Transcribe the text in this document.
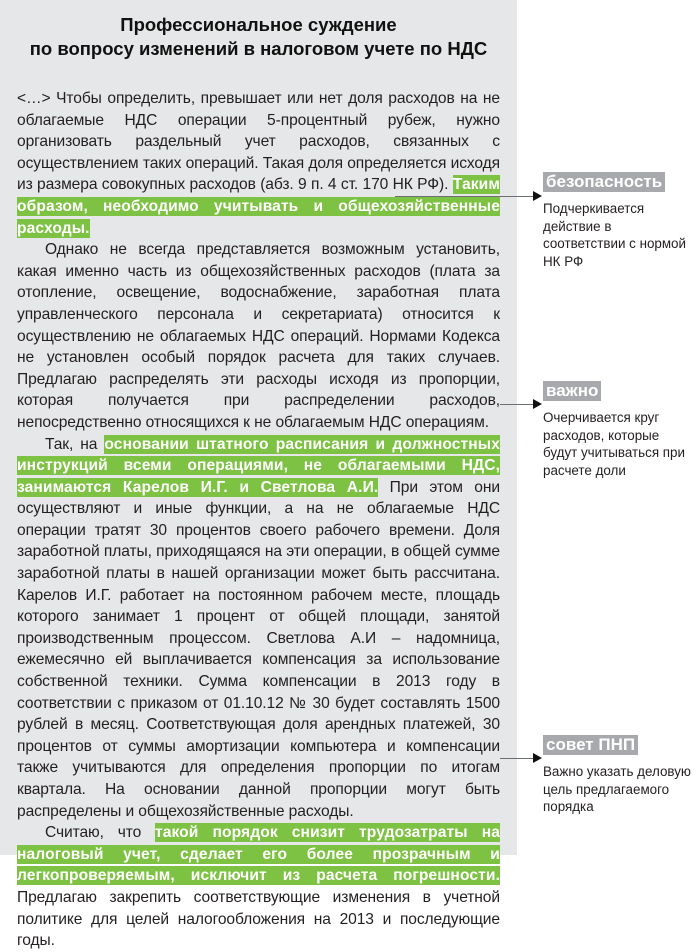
Профессиональное суждение
по вопросу изменений в налоговом учете по НДС

<…> Чтобы определить, превышает или нет доля расходов на не облагаемые НДС операции 5-процентный рубеж, нужно организовать раздельный учет расходов, связанных с осуществлением таких операций. Такая доля определяется исходя из размера совокупных расходов (абз. 9 п. 4 ст. 170 НК РФ). Таким образом, необходимо учитывать и общехозяйственные расходы.

Однако не всегда представляется возможным установить, какая именно часть из общехозяйственных расходов (плата за отопление, освещение, водоснабжение, заработная плата управленческого персонала и секретариата) относится к осуществлению не облагаемых НДС операций. Нормами Кодекса не установлен особый порядок расчета для таких случаев. Предлагаю распределять эти расходы исходя из пропорции, которая получается при распределении расходов, непосредственно относящихся к не облагаемым НДС операциям.

Так, на основании штатного расписания и должностных инструкций всеми операциями, не облагаемыми НДС, занимаются Карелов И.Г. и Светлова А.И. При этом они осуществляют и иные функции, а на не облагаемые НДС операции тратят 30 процентов своего рабочего времени. Доля заработной платы, приходящаяся на эти операции, в общей сумме заработной платы в нашей организации может быть рассчитана. Карелов И.Г. работает на постоянном рабочем месте, площадь которого занимает 1 процент от общей площади, занятой производственным процессом. Светлова А.И – надомница, ежемесячно ей выплачивается компенсация за использование собственной техники. Сумма компенсации в 2013 году в соответствии с приказом от 01.10.12 № 30 будет составлять 1500 рублей в месяц. Соответствующая доля арендных платежей, 30 процентов от суммы амортизации компьютера и компенсации также учитываются для определения пропорции по итогам квартала. На основании данной пропорции могут быть распределены и общехозяйственные расходы.

Считаю, что такой порядок снизит трудозатраты на налоговый учет, сделает его более прозрачным и легкопроверяемым, исключит из расчета погрешности. Предлагаю закрепить соответствующие изменения в учетной политике для целей налогообложения на 2013 и последующие годы.

безопасность
Подчеркивается действие в соответствии с нормой НК РФ
важно
Очерчивается круг расходов, которые будут учитываться при расчете доли
совет ПНП
Важно указать деловую цель предлагаемого порядка
